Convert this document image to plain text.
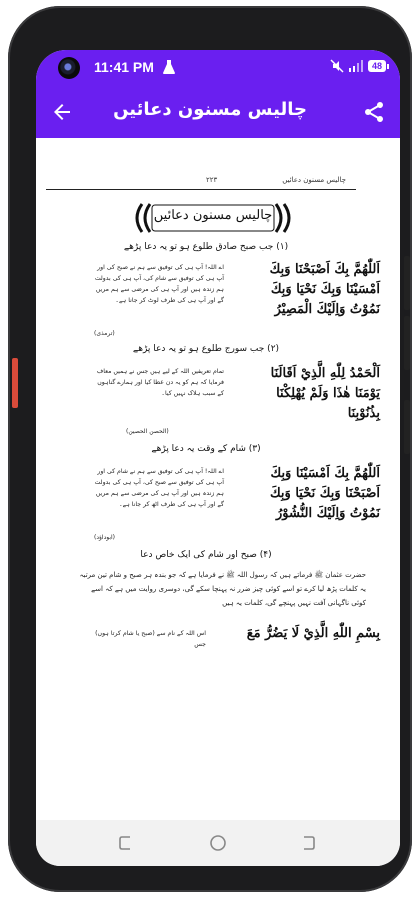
11:41 PM	48
چالیس مسنون دعائیں
۲۲۳	چالیس مسنون دعائیں
چالیس مسنون دعائیں
(۱) جب صبح صادق طلوع ہو تو یہ دعا پڑھے
اَللّٰهُمَّ بِكَ اَصْبَحْنَا وَبِكَ
اَمْسَيْنَا وَبِكَ نَحْيَا وَبِكَ
نَمُوْتُ وَاِلَيْكَ الْمَصِيْرُ
اے اللہ! آپ ہی کی توفیق سے ہم نے صبح کی اور آپ ہی کی توفیق سے شام کی، آپ ہی کی بدولت ہم زندہ ہیں اور آپ ہی کی مرضی سے ہم مریں گے اور آپ ہی کی طرف لوٹ کر جانا ہے۔
(ترمذی)
(۲) جب سورج طلوع ہو تو یہ دعا پڑھے
اَلْحَمْدُ لِلّٰهِ الَّذِيْ اَقَالَنَا
يَوْمَنَا هٰذَا وَلَمْ يُهْلِكْنَا
بِذُنُوْبِنَا
تمام تعریفیں اللہ کے لیے ہیں جس نے ہمیں معاف فرمایا کہ ہم کو یہ دن عطا کیا اور ہمارے گناہوں کے سبب ہلاک نہیں کیا۔
(الحصن الحصین)
(۳) شام کے وقت یہ دعا پڑھے
اَللّٰهُمَّ بِكَ اَمْسَيْنَا وَبِكَ
اَصْبَحْنَا وَبِكَ نَحْيَا وَبِكَ
نَمُوْتُ وَاِلَيْكَ النُّشُوْرُ
اے اللہ! آپ ہی کی توفیق سے ہم نے شام کی اور آپ ہی کی توفیق سے صبح کی، آپ ہی کی بدولت ہم زندہ ہیں اور آپ ہی کی مرضی سے ہم مریں گے اور آپ ہی کی طرف اٹھ کر جانا ہے۔
(ابوداؤد)
(۴) صبح اور شام کی ایک خاص دعا
حضرت عثمان ﷺ فرماتے ہیں کہ رسول اللہ ﷺ نے فرمایا ہے کہ جو بندہ ہر صبح و شام تین مرتبہ یہ کلمات پڑھ لیا کرے تو اسے کوئی چیز ضرر نہ پہنچا سکے گی، دوسری روایت میں ہے کہ اسے کوئی ناگہانی آفت نہیں پہنچے گی، کلمات یہ ہیں
بِسْمِ اللّٰهِ الَّذِيْ لَا يَضُرُّ مَعَ
اس اللہ کے نام سے (صبح یا شام کرتا ہوں) جس
